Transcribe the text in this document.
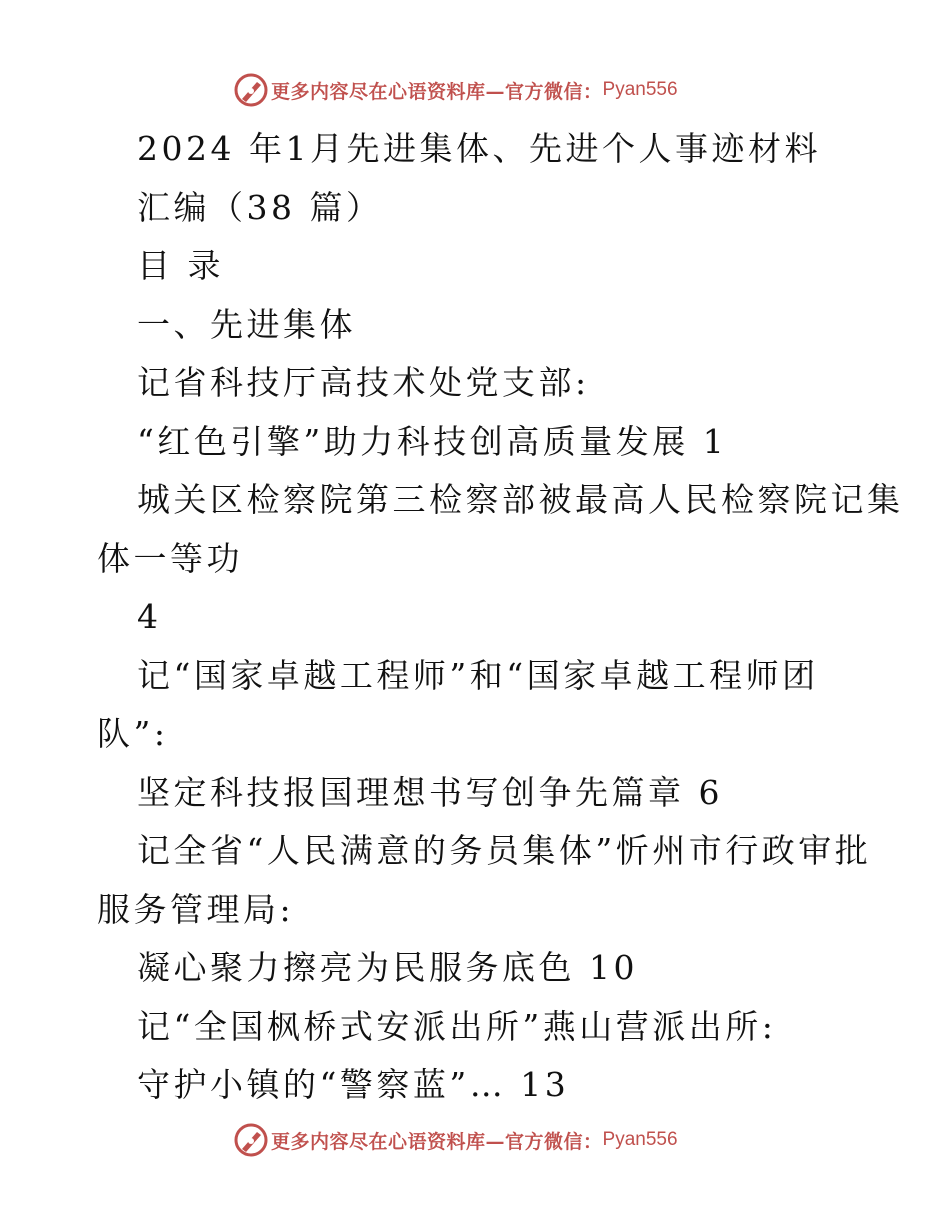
更多内容尽在心语资料库—官方微信： Pyan556
2024 年1月先进集体、先进个人事迹材料
汇编（38 篇）
目 录
一、先进集体
记省科技厅高技术处党支部:
“红色引擎”助力科技创高质量发展 1
城关区检察院第三检察部被最高人民检察院记集
体一等功
4
记“国家卓越工程师”和“国家卓越工程师团
队”:
坚定科技报国理想书写创争先篇章 6
记全省“人民满意的务员集体”忻州市行政审批
服务管理局:
凝心聚力擦亮为民服务底色 10
记“全国枫桥式安派出所”燕山营派出所:
守护小镇的“警察蓝”… 13
更多内容尽在心语资料库—官方微信： Pyan556
